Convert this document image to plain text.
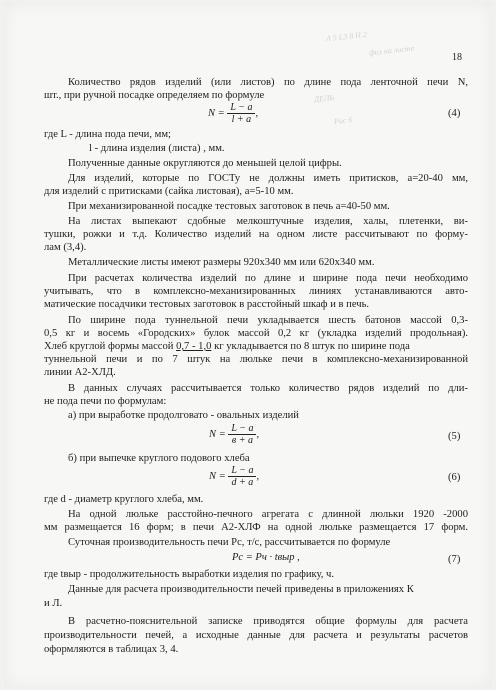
A 5 L3 8 H 2
физ на листе
ДЕЛЬ
Рис 6
18
Количество рядов изделий (или листов) по длине пода ленточной печи N,
шт., при ручной посадке определяем по формуле
$N = \frac{L - a}{l + a}$ ,	(4)
где L - длина пода печи, мм;
l - длина изделия (листа) , мм.
Полученные данные округляются до меньшей целой цифры.
Для изделий, которые по ГОСТу не должны иметь притисков, а=20-40 мм,
для изделий с притисками (сайка листовая), а=5-10 мм.
При механизированной посадке тестовых заготовок в печь а=40-50 мм.
На листах выпекают сдобные мелкоштучные изделия, халы, плетенки, ви-
тушки, рожки и т.д. Количество изделий на одном листе рассчитывают по форму-
лам (3,4).
Металлические листы имеют размеры 920х340 мм или 620х340 мм.
При расчетах количества изделий по длине и ширине пода печи необходимо
учитывать, что в комплексно-механизированных линиях устанавливаются авто-
матические посадчики тестовых заготовок в расстойный шкаф и в печь.
По ширине пода туннельной печи укладывается шесть батонов массой 0,3-
0,5 кг и восемь «Городских» булок массой 0,2 кг (укладка изделий продольная).
Хлеб круглой формы массой 0,7 - 1,0 кг укладывается по 8 штук по ширине пода
туннельной печи и по 7 штук на люльке печи в комплексно-механизированной
линии А2-ХЛД.
В данных случаях рассчитывается только количество рядов изделий по дли-
не пода печи по формулам:
а) при выработке продолговато - овальных изделий
$N = \frac{L - a}{в + a}$ ,	(5)
б) при выпечке круглого подового хлеба
$N = \frac{L - a}{d + a}$ ,	(6)
где d - диаметр круглого хлеба, мм.
На одной люльке расстойно-печного агрегата с длинной люльки 1920 -2000
мм размещается 16 форм; в печи А2-ХЛФ на одной люльке размещается 17 форм.
Суточная производительность печи Рс, т/с, рассчитывается по формуле
Рс = Рч · tвыр ,	(7)
где tвыр - продолжительность выработки изделия по графику, ч.
Данные для расчета производительности печей приведены в приложениях К
и Л.
В расчетно-пояснительной записке приводятся общие формулы для расчета
производительности печей, а исходные данные для расчета и результаты расчетов
оформляются в таблицах 3, 4.
